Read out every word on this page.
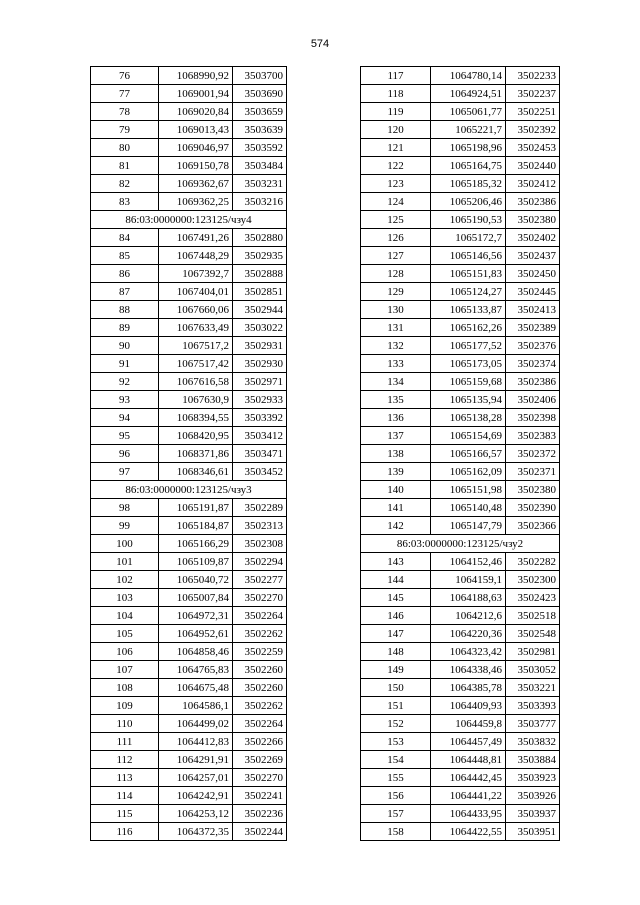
574
76	1068990,92	3503700
77	1069001,94	3503690
78	1069020,84	3503659
79	1069013,43	3503639
80	1069046,97	3503592
81	1069150,78	3503484
82	1069362,67	3503231
83	1069362,25	3503216
86:03:0000000:123125/чзу4		
84	1067491,26	3502880
85	1067448,29	3502935
86	1067392,7	3502888
87	1067404,01	3502851
88	1067660,06	3502944
89	1067633,49	3503022
90	1067517,2	3502931
91	1067517,42	3502930
92	1067616,58	3502971
93	1067630,9	3502933
94	1068394,55	3503392
95	1068420,95	3503412
96	1068371,86	3503471
97	1068346,61	3503452
86:03:0000000:123125/чзу3		
98	1065191,87	3502289
99	1065184,87	3502313
100	1065166,29	3502308
101	1065109,87	3502294
102	1065040,72	3502277
103	1065007,84	3502270
104	1064972,31	3502264
105	1064952,61	3502262
106	1064858,46	3502259
107	1064765,83	3502260
108	1064675,48	3502260
109	1064586,1	3502262
110	1064499,02	3502264
111	1064412,83	3502266
112	1064291,91	3502269
113	1064257,01	3502270
114	1064242,91	3502241
115	1064253,12	3502236
116	1064372,35	3502244
117	1064780,14	3502233
118	1064924,51	3502237
119	1065061,77	3502251
120	1065221,7	3502392
121	1065198,96	3502453
122	1065164,75	3502440
123	1065185,32	3502412
124	1065206,46	3502386
125	1065190,53	3502380
126	1065172,7	3502402
127	1065146,56	3502437
128	1065151,83	3502450
129	1065124,27	3502445
130	1065133,87	3502413
131	1065162,26	3502389
132	1065177,52	3502376
133	1065173,05	3502374
134	1065159,68	3502386
135	1065135,94	3502406
136	1065138,28	3502398
137	1065154,69	3502383
138	1065166,57	3502372
139	1065162,09	3502371
140	1065151,98	3502380
141	1065140,48	3502390
142	1065147,79	3502366
86:03:0000000:123125/чзу2		
143	1064152,46	3502282
144	1064159,1	3502300
145	1064188,63	3502423
146	1064212,6	3502518
147	1064220,36	3502548
148	1064323,42	3502981
149	1064338,46	3503052
150	1064385,78	3503221
151	1064409,93	3503393
152	1064459,8	3503777
153	1064457,49	3503832
154	1064448,81	3503884
155	1064442,45	3503923
156	1064441,22	3503926
157	1064433,95	3503937
158	1064422,55	3503951
